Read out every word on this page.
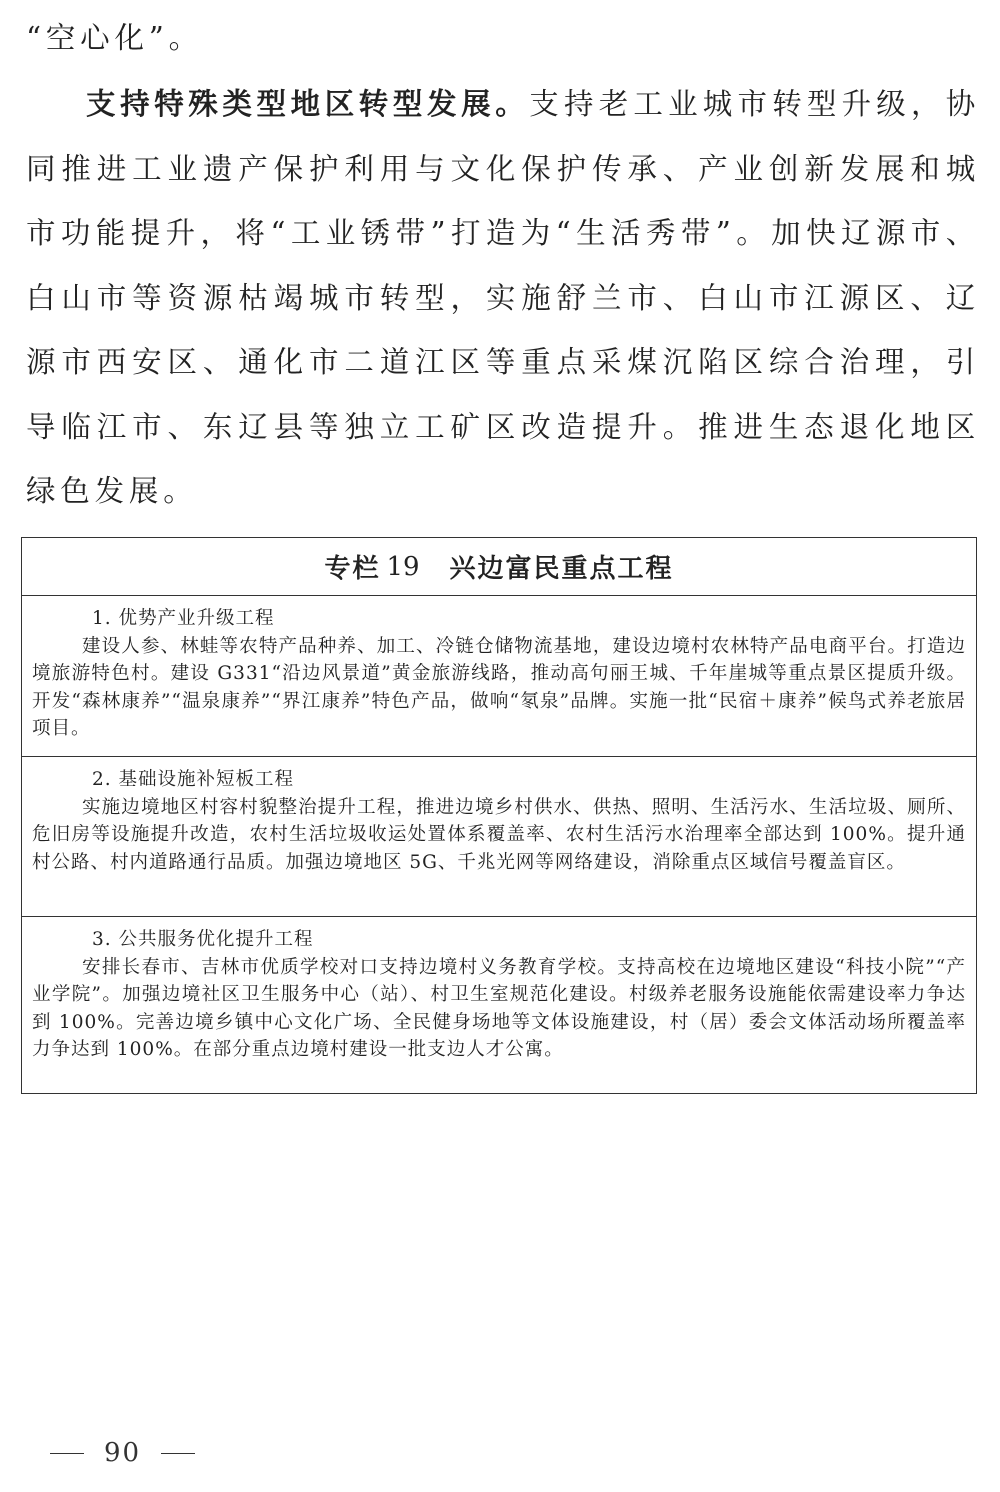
“空心化”。
支持特殊类型地区转型发展。支持老工业城市转型升级，协同推进工业遗产保护利用与文化保护传承、产业创新发展和城市功能提升，将“工业锈带”打造为“生活秀带”。加快辽源市、白山市等资源枯竭城市转型，实施舒兰市、白山市江源区、辽源市西安区、通化市二道江区等重点采煤沉陷区综合治理，引导临江市、东辽县等独立工矿区改造提升。推进生态退化地区绿色发展。
专栏 19 兴边富民重点工程
1. 优势产业升级工程
建设人参、林蛙等农特产品种养、加工、冷链仓储物流基地，建设边境村农林特产品电商平台。打造边境旅游特色村。建设 G331“沿边风景道”黄金旅游线路，推动高句丽王城、千年崖城等重点景区提质升级。开发“森林康养”“温泉康养”“界江康养”特色产品，做响“氡泉”品牌。实施一批“民宿＋康养”候鸟式养老旅居项目。
2. 基础设施补短板工程
实施边境地区村容村貌整治提升工程，推进边境乡村供水、供热、照明、生活污水、生活垃圾、厕所、危旧房等设施提升改造，农村生活垃圾收运处置体系覆盖率、农村生活污水治理率全部达到 100%。提升通村公路、村内道路通行品质。加强边境地区 5G、千兆光网等网络建设，消除重点区域信号覆盖盲区。
3. 公共服务优化提升工程
安排长春市、吉林市优质学校对口支持边境村义务教育学校。支持高校在边境地区建设“科技小院”“产业学院”。加强边境社区卫生服务中心（站）、村卫生室规范化建设。村级养老服务设施能依需建设率力争达到 100%。完善边境乡镇中心文化广场、全民健身场地等文体设施建设，村（居）委会文体活动场所覆盖率力争达到 100%。在部分重点边境村建设一批支边人才公寓。
90
